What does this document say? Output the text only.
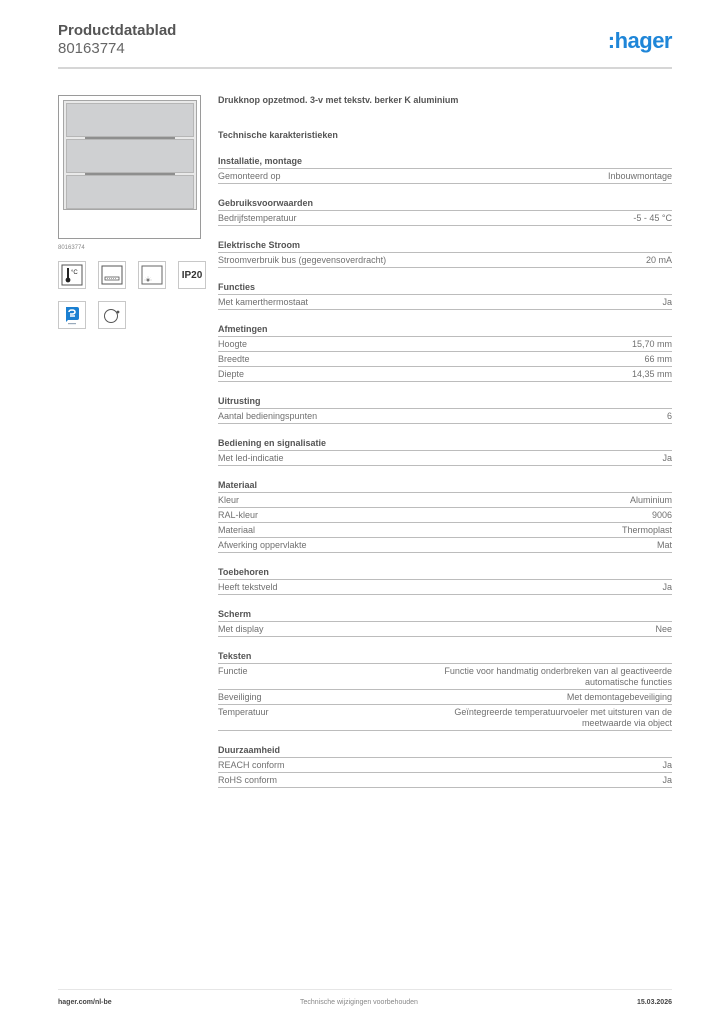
Productdatablad
80163774	:hager
80163774
°C	IP20
Drukknop opzetmod. 3-v met tekstv. berker K aluminium
Technische karakteristieken
Installatie, montage
Gemonteerd op	Inbouwmontage
Gebruiksvoorwaarden
Bedrijfstemperatuur	-5 - 45 °C
Elektrische Stroom
Stroomverbruik bus (gegevensoverdracht)	20 mA
Functies
Met kamerthermostaat	Ja
Afmetingen
Hoogte	15,70 mm
Breedte	66 mm
Diepte	14,35 mm
Uitrusting
Aantal bedieningspunten	6
Bediening en signalisatie
Met led-indicatie	Ja
Materiaal
Kleur	Aluminium
RAL-kleur	9006
Materiaal	Thermoplast
Afwerking oppervlakte	Mat
Toebehoren
Heeft tekstveld	Ja
Scherm
Met display	Nee
Teksten
Functie	Functie voor handmatig onderbreken van al geactiveerde automatische functies
Beveiliging	Met demontagebeveiliging
Temperatuur	Geïntegreerde temperatuurvoeler met uitsturen van de meetwaarde via object
Duurzaamheid
REACH conform	Ja
RoHS conform	Ja
hager.com/nl-be	Technische wijzigingen voorbehouden	15.03.2026
